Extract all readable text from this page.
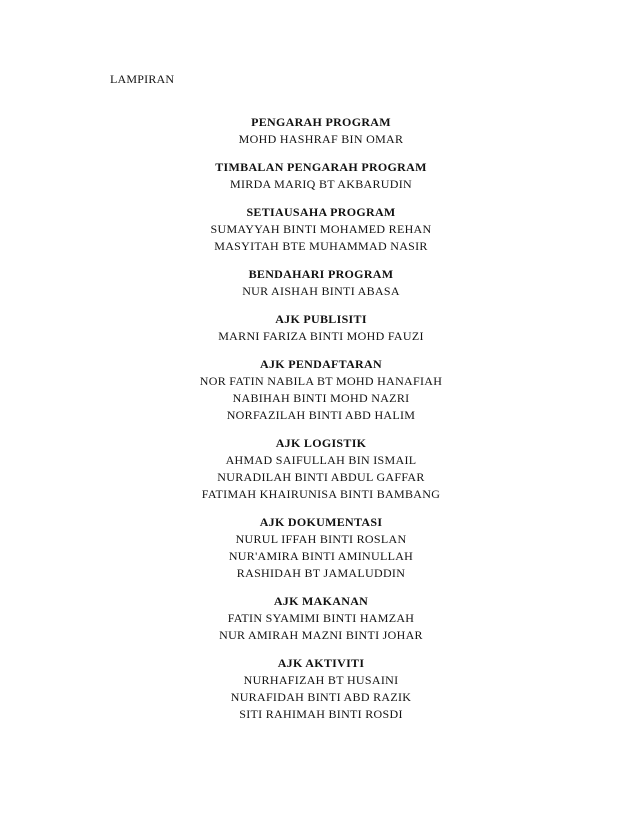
LAMPIRAN
PENGARAH PROGRAM
MOHD HASHRAF BIN OMAR
TIMBALAN PENGARAH PROGRAM
MIRDA MARIQ BT AKBARUDIN
SETIAUSAHA PROGRAM
SUMAYYAH BINTI MOHAMED REHAN
MASYITAH BTE MUHAMMAD NASIR
BENDAHARI PROGRAM
NUR AISHAH BINTI ABASA
AJK PUBLISITI
MARNI FARIZA BINTI MOHD FAUZI
AJK PENDAFTARAN
NOR FATIN NABILA BT MOHD HANAFIAH
NABIHAH BINTI MOHD NAZRI
NORFAZILAH BINTI ABD HALIM
AJK LOGISTIK
AHMAD SAIFULLAH BIN ISMAIL
NURADILAH BINTI ABDUL GAFFAR
FATIMAH KHAIRUNISA BINTI BAMBANG
AJK DOKUMENTASI
NURUL IFFAH BINTI ROSLAN
NUR'AMIRA BINTI AMINULLAH
RASHIDAH BT JAMALUDDIN
AJK MAKANAN
FATIN SYAMIMI BINTI HAMZAH
NUR AMIRAH MAZNI BINTI JOHAR
AJK AKTIVITI
NURHAFIZAH BT HUSAINI
NURAFIDAH BINTI ABD RAZIK
SITI RAHIMAH BINTI ROSDI
